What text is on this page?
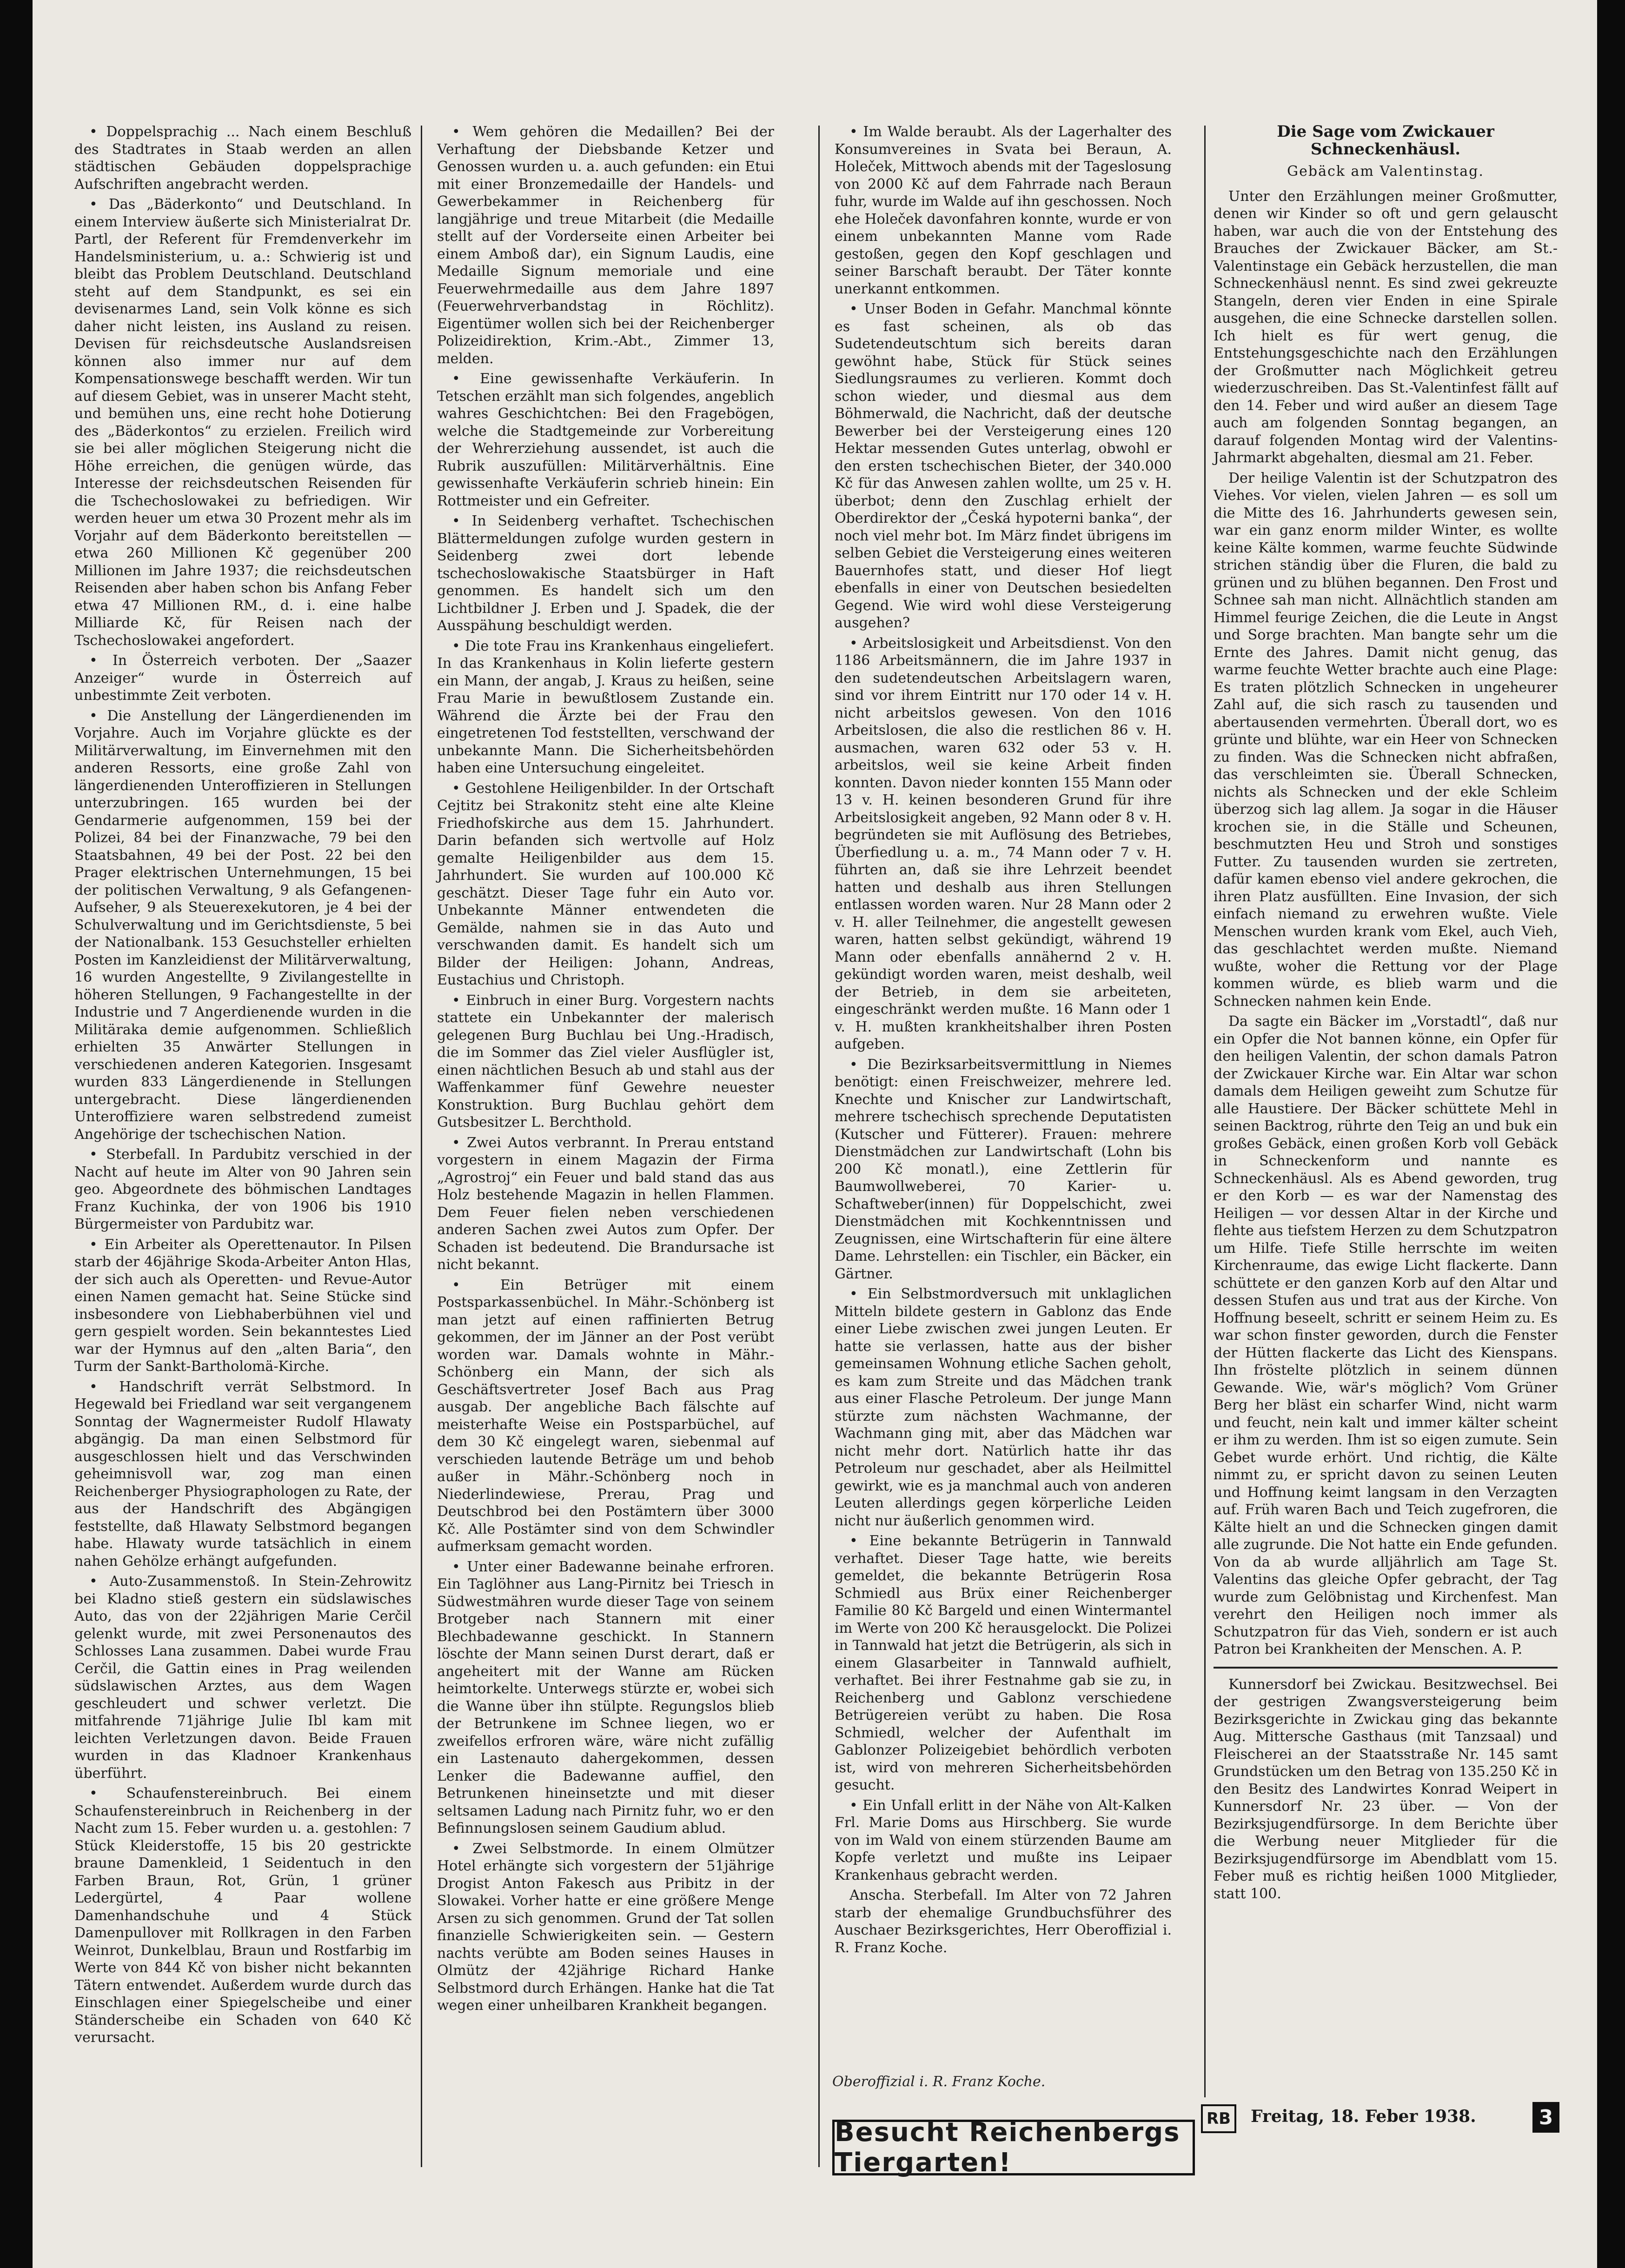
• Doppelsprachig ... Nach einem Beschluß des Stadtrates in Staab werden an allen städtischen Gebäuden doppelsprachige Aufschriften angebracht werden.

• Das „Bäderkonto“ und Deutschland. In einem Interview äußerte sich Ministerialrat Dr. Partl, der Referent für Fremdenverkehr im Handelsministerium, u. a.: Schwierig ist und bleibt das Problem Deutschland. Deutschland steht auf dem Standpunkt, es sei ein devisenarmes Land, sein Volk könne es sich daher nicht leisten, ins Ausland zu reisen. Devisen für reichsdeutsche Auslandsreisen können also immer nur auf dem Kompensationswege beschafft werden. Wir tun auf diesem Gebiet, was in unserer Macht steht, und bemühen uns, eine recht hohe Dotierung des „Bäderkontos“ zu erzielen. Freilich wird sie bei aller möglichen Steigerung nicht die Höhe erreichen, die genügen würde, das Interesse der reichsdeutschen Reisenden für die Tschechoslowakei zu befriedigen. Wir werden heuer um etwa 30 Prozent mehr als im Vorjahr auf dem Bäderkonto bereitstellen — etwa 260 Millionen Kč gegenüber 200 Millionen im Jahre 1937; die reichsdeutschen Reisenden aber haben schon bis Anfang Feber etwa 47 Millionen RM., d. i. eine halbe Milliarde Kč, für Reisen nach der Tschechoslowakei angefordert.

• In Österreich verboten. Der „Saazer Anzeiger“ wurde in Österreich auf unbestimmte Zeit verboten.

• Die Anstellung der Längerdienenden im Vorjahre. Auch im Vorjahre glückte es der Militärverwaltung, im Einvernehmen mit den anderen Ressorts, eine große Zahl von längerdienenden Unteroffizieren in Stellungen unterzubringen. 165 wurden bei der Gendarmerie aufgenommen, 159 bei der Polizei, 84 bei der Finanzwache, 79 bei den Staatsbahnen, 49 bei der Post. 22 bei den Prager elektrischen Unternehmungen, 15 bei der politischen Verwaltung, 9 als Gefangenen-Aufseher, 9 als Steuerexekutoren, je 4 bei der Schulverwaltung und im Gerichtsdienste, 5 bei der Nationalbank. 153 Gesuchsteller erhielten Posten im Kanzleidienst der Militärverwaltung, 16 wurden Angestellte, 9 Zivilangestellte in höheren Stellungen, 9 Fachangestellte in der Industrie und 7 Angerdienende wurden in die Militäraka demie aufgenommen. Schließlich erhielten 35 Anwärter Stellungen in verschiedenen anderen Kategorien. Insgesamt wurden 833 Längerdienende in Stellungen untergebracht. Diese längerdienenden Unteroffiziere waren selbstredend zumeist Angehörige der tschechischen Nation.

• Sterbefall. In Pardubitz verschied in der Nacht auf heute im Alter von 90 Jahren sein geo. Abgeordnete des böhmischen Landtages Franz Kuchinka, der von 1906 bis 1910 Bürgermeister von Pardubitz war.

• Ein Arbeiter als Operettenautor. In Pilsen starb der 46jährige Skoda-Arbeiter Anton Hlas, der sich auch als Operetten- und Revue-Autor einen Namen gemacht hat. Seine Stücke sind insbesondere von Liebhaberbühnen viel und gern gespielt worden. Sein bekanntestes Lied war der Hymnus auf den „alten Baria“, den Turm der Sankt-Bartholomä-Kirche.

• Handschrift verrät Selbstmord. In Hegewald bei Friedland war seit vergangenem Sonntag der Wagnermeister Rudolf Hlawaty abgängig. Da man einen Selbstmord für ausgeschlossen hielt und das Verschwinden geheimnisvoll war, zog man einen Reichenberger Physiographologen zu Rate, der aus der Handschrift des Abgängigen feststellte, daß Hlawaty Selbstmord begangen habe. Hlawaty wurde tatsächlich in einem nahen Gehölze erhängt aufgefunden.

• Auto-Zusammenstoß. In Stein-Zehrowitz bei Kladno stieß gestern ein südslawisches Auto, das von der 22jährigen Marie Cerčil gelenkt wurde, mit zwei Personenautos des Schlosses Lana zusammen. Dabei wurde Frau Cerčil, die Gattin eines in Prag weilenden südslawischen Arztes, aus dem Wagen geschleudert und schwer verletzt. Die mitfahrende 71jährige Julie Ibl kam mit leichten Verletzungen davon. Beide Frauen wurden in das Kladnoer Krankenhaus überführt.

• Schaufenstereinbruch. Bei einem Schaufenstereinbruch in Reichenberg in der Nacht zum 15. Feber wurden u. a. gestohlen: 7 Stück Kleiderstoffe, 15 bis 20 gestrickte braune Damenkleid, 1 Seidentuch in den Farben Braun, Rot, Grün, 1 grüner Ledergürtel, 4 Paar wollene Damenhandschuhe und 4 Stück Damenpullover mit Rollkragen in den Farben Weinrot, Dunkelblau, Braun und Rostfarbig im Werte von 844 Kč von bisher nicht bekannten Tätern entwendet. Außerdem wurde durch das Einschlagen einer Spiegelscheibe und einer Ständerscheibe ein Schaden von 640 Kč verursacht.

• Wem gehören die Medaillen? Bei der Verhaftung der Diebsbande Ketzer und Genossen wurden u. a. auch gefunden: ein Etui mit einer Bronzemedaille der Handels- und Gewerbekammer in Reichenberg für langjährige und treue Mitarbeit (die Medaille stellt auf der Vorderseite einen Arbeiter bei einem Amboß dar), ein Signum Laudis, eine Medaille Signum memoriale und eine Feuerwehrmedaille aus dem Jahre 1897 (Feuerwehrverbandstag in Röchlitz). Eigentümer wollen sich bei der Reichenberger Polizeidirektion, Krim.-Abt., Zimmer 13, melden.

• Eine gewissenhafte Verkäuferin. In Tetschen erzählt man sich folgendes, angeblich wahres Geschichtchen: Bei den Fragebögen, welche die Stadtgemeinde zur Vorbereitung der Wehrerziehung aussendet, ist auch die Rubrik auszufüllen: Militärverhältnis. Eine gewissenhafte Verkäuferin schrieb hinein: Ein Rottmeister und ein Gefreiter.

• In Seidenberg verhaftet. Tschechischen Blättermeldungen zufolge wurden gestern in Seidenberg zwei dort lebende tschechoslowakische Staatsbürger in Haft genommen. Es handelt sich um den Lichtbildner J. Erben und J. Spadek, die der Ausspähung beschuldigt werden.

• Die tote Frau ins Krankenhaus eingeliefert. In das Krankenhaus in Kolin lieferte gestern ein Mann, der angab, J. Kraus zu heißen, seine Frau Marie in bewußtlosem Zustande ein. Während die Ärzte bei der Frau den eingetretenen Tod feststellten, verschwand der unbekannte Mann. Die Sicherheitsbehörden haben eine Untersuchung eingeleitet.

• Gestohlene Heiligenbilder. In der Ortschaft Cejtitz bei Strakonitz steht eine alte Kleine Friedhofskirche aus dem 15. Jahrhundert. Darin befanden sich wertvolle auf Holz gemalte Heiligenbilder aus dem 15. Jahrhundert. Sie wurden auf 100.000 Kč geschätzt. Dieser Tage fuhr ein Auto vor. Unbekannte Männer entwendeten die Gemälde, nahmen sie in das Auto und verschwanden damit. Es handelt sich um Bilder der Heiligen: Johann, Andreas, Eustachius und Christoph.

• Einbruch in einer Burg. Vorgestern nachts stattete ein Unbekannter der malerisch gelegenen Burg Buchlau bei Ung.-Hradisch, die im Sommer das Ziel vieler Ausflügler ist, einen nächtlichen Besuch ab und stahl aus der Waffenkammer fünf Gewehre neuester Konstruktion. Burg Buchlau gehört dem Gutsbesitzer L. Berchthold.

• Zwei Autos verbrannt. In Prerau entstand vorgestern in einem Magazin der Firma „Agrostroj“ ein Feuer und bald stand das aus Holz bestehende Magazin in hellen Flammen. Dem Feuer fielen neben verschiedenen anderen Sachen zwei Autos zum Opfer. Der Schaden ist bedeutend. Die Brandursache ist nicht bekannt.

• Ein Betrüger mit einem Postsparkassenbüchel. In Mähr.-Schönberg ist man jetzt auf einen raffinierten Betrug gekommen, der im Jänner an der Post verübt worden war. Damals wohnte in Mähr.-Schönberg ein Mann, der sich als Geschäftsvertreter Josef Bach aus Prag ausgab. Der angebliche Bach fälschte auf meisterhafte Weise ein Postsparbüchel, auf dem 30 Kč eingelegt waren, siebenmal auf verschieden lautende Beträge um und behob außer in Mähr.-Schönberg noch in Niederlindewiese, Prerau, Prag und Deutschbrod bei den Postämtern über 3000 Kč. Alle Postämter sind von dem Schwindler aufmerksam gemacht worden.

• Unter einer Badewanne beinahe erfroren. Ein Taglöhner aus Lang-Pirnitz bei Triesch in Südwestmähren wurde dieser Tage von seinem Brotgeber nach Stannern mit einer Blechbadewanne geschickt. In Stannern löschte der Mann seinen Durst derart, daß er angeheitert mit der Wanne am Rücken heimtorkelte. Unterwegs stürzte er, wobei sich die Wanne über ihn stülpte. Regungslos blieb der Betrunkene im Schnee liegen, wo er zweifellos erfroren wäre, wäre nicht zufällig ein Lastenauto dahergekommen, dessen Lenker die Badewanne auffiel, den Betrunkenen hineinsetzte und mit dieser seltsamen Ladung nach Pirnitz fuhr, wo er den Befinnungslosen seinem Gaudium ablud.

• Zwei Selbstmorde. In einem Olmützer Hotel erhängte sich vorgestern der 51jährige Drogist Anton Fakesch aus Pribitz in der Slowakei. Vorher hatte er eine größere Menge Arsen zu sich genommen. Grund der Tat sollen finanzielle Schwierigkeiten sein. — Gestern nachts verübte am Boden seines Hauses in Olmütz der 42jährige Richard Hanke Selbstmord durch Erhängen. Hanke hat die Tat wegen einer unheilbaren Krankheit begangen.

• Im Walde beraubt. Als der Lagerhalter des Konsumvereines in Svata bei Beraun, A. Holeček, Mittwoch abends mit der Tageslosung von 2000 Kč auf dem Fahrrade nach Beraun fuhr, wurde im Walde auf ihn geschossen. Noch ehe Holeček davonfahren konnte, wurde er von einem unbekannten Manne vom Rade gestoßen, gegen den Kopf geschlagen und seiner Barschaft beraubt. Der Täter konnte unerkannt entkommen.

• Unser Boden in Gefahr. Manchmal könnte es fast scheinen, als ob das Sudetendeutschtum sich bereits daran gewöhnt habe, Stück für Stück seines Siedlungsraumes zu verlieren. Kommt doch schon wieder, und diesmal aus dem Böhmerwald, die Nachricht, daß der deutsche Bewerber bei der Versteigerung eines 120 Hektar messenden Gutes unterlag, obwohl er den ersten tschechischen Bieter, der 340.000 Kč für das Anwesen zahlen wollte, um 25 v. H. überbot; denn den Zuschlag erhielt der Oberdirektor der „Česká hypoterni banka“, der noch viel mehr bot. Im März findet übrigens im selben Gebiet die Versteigerung eines weiteren Bauernhofes statt, und dieser Hof liegt ebenfalls in einer von Deutschen besiedelten Gegend. Wie wird wohl diese Versteigerung ausgehen?

• Arbeitslosigkeit und Arbeitsdienst. Von den 1186 Arbeitsmännern, die im Jahre 1937 in den sudetendeutschen Arbeitslagern waren, sind vor ihrem Eintritt nur 170 oder 14 v. H. nicht arbeitslos gewesen. Von den 1016 Arbeitslosen, die also die restlichen 86 v. H. ausmachen, waren 632 oder 53 v. H. arbeitslos, weil sie keine Arbeit finden konnten. Davon nieder konnten 155 Mann oder 13 v. H. keinen besonderen Grund für ihre Arbeitslosigkeit angeben, 92 Mann oder 8 v. H. begründeten sie mit Auflösung des Betriebes, Überfiedlung u. a. m., 74 Mann oder 7 v. H. führten an, daß sie ihre Lehrzeit beendet hatten und deshalb aus ihren Stellungen entlassen worden waren. Nur 28 Mann oder 2 v. H. aller Teilnehmer, die angestellt gewesen waren, hatten selbst gekündigt, während 19 Mann oder ebenfalls annähernd 2 v. H. gekündigt worden waren, meist deshalb, weil der Betrieb, in dem sie arbeiteten, eingeschränkt werden mußte. 16 Mann oder 1 v. H. mußten krankheitshalber ihren Posten aufgeben.

• Die Bezirksarbeitsvermittlung in Niemes benötigt: einen Freischweizer, mehrere led. Knechte und Knischer zur Landwirtschaft, mehrere tschechisch sprechende Deputatisten (Kutscher und Fütterer). Frauen: mehrere Dienstmädchen zur Landwirtschaft (Lohn bis 200 Kč monatl.), eine Zettlerin für Baumwollweberei, 70 Karier- u. Schaftweber(innen) für Doppelschicht, zwei Dienstmädchen mit Kochkenntnissen und Zeugnissen, eine Wirtschafterin für eine ältere Dame. Lehrstellen: ein Tischler, ein Bäcker, ein Gärtner.

• Ein Selbstmordversuch mit unklaglichen Mitteln bildete gestern in Gablonz das Ende einer Liebe zwischen zwei jungen Leuten. Er hatte sie verlassen, hatte aus der bisher gemeinsamen Wohnung etliche Sachen geholt, es kam zum Streite und das Mädchen trank aus einer Flasche Petroleum. Der junge Mann stürzte zum nächsten Wachmanne, der Wachmann ging mit, aber das Mädchen war nicht mehr dort. Natürlich hatte ihr das Petroleum nur geschadet, aber als Heilmittel gewirkt, wie es ja manchmal auch von anderen Leuten allerdings gegen körperliche Leiden nicht nur äußerlich genommen wird.

• Eine bekannte Betrügerin in Tannwald verhaftet. Dieser Tage hatte, wie bereits gemeldet, die bekannte Betrügerin Rosa Schmiedl aus Brüx einer Reichenberger Familie 80 Kč Bargeld und einen Wintermantel im Werte von 200 Kč herausgelockt. Die Polizei in Tannwald hat jetzt die Betrügerin, als sich in einem Glasarbeiter in Tannwald aufhielt, verhaftet. Bei ihrer Festnahme gab sie zu, in Reichenberg und Gablonz verschiedene Betrügereien verübt zu haben. Die Rosa Schmiedl, welcher der Aufenthalt im Gablonzer Polizeigebiet behördlich verboten ist, wird von mehreren Sicherheitsbehörden gesucht.

• Ein Unfall erlitt in der Nähe von Alt-Kalken Frl. Marie Doms aus Hirschberg. Sie wurde von im Wald von einem stürzenden Baume am Kopfe verletzt und mußte ins Leipaer Krankenhaus gebracht werden.

Anscha. Sterbefall. Im Alter von 72 Jahren starb der ehemalige Grundbuchsführer des Auschaer Bezirksgerichtes, Herr Oberoffizial i. R. Franz Koche.

Oberoffizial i. R. Franz Koche.
Besucht Reichenbergs Tiergarten!
Die Sage vom Zwickauer Schneckenhäusl.
Gebäck am Valentinstag.

Unter den Erzählungen meiner Großmutter, denen wir Kinder so oft und gern gelauscht haben, war auch die von der Entstehung des Brauches der Zwickauer Bäcker, am St.-Valentinstage ein Gebäck herzustellen, die man Schneckenhäusl nennt. Es sind zwei gekreuzte Stangeln, deren vier Enden in eine Spirale ausgehen, die eine Schnecke darstellen sollen. Ich hielt es für wert genug, die Entstehungsgeschichte nach den Erzählungen der Großmutter nach Möglichkeit getreu wiederzuschreiben. Das St.-Valentinfest fällt auf den 14. Feber und wird außer an diesem Tage auch am folgenden Sonntag begangen, an darauf folgenden Montag wird der Valentins-Jahrmarkt abgehalten, diesmal am 21. Feber.

Der heilige Valentin ist der Schutzpatron des Viehes. Vor vielen, vielen Jahren — es soll um die Mitte des 16. Jahrhunderts gewesen sein, war ein ganz enorm milder Winter, es wollte keine Kälte kommen, warme feuchte Südwinde strichen ständig über die Fluren, die bald zu grünen und zu blühen begannen. Den Frost und Schnee sah man nicht. Allnächtlich standen am Himmel feurige Zeichen, die die Leute in Angst und Sorge brachten. Man bangte sehr um die Ernte des Jahres. Damit nicht genug, das warme feuchte Wetter brachte auch eine Plage: Es traten plötzlich Schnecken in ungeheurer Zahl auf, die sich rasch zu tausenden und abertausenden vermehrten. Überall dort, wo es grünte und blühte, war ein Heer von Schnecken zu finden. Was die Schnecken nicht abfraßen, das verschleimten sie. Überall Schnecken, nichts als Schnecken und der ekle Schleim überzog sich lag allem. Ja sogar in die Häuser krochen sie, in die Ställe und Scheunen, beschmutzten Heu und Stroh und sonstiges Futter. Zu tausenden wurden sie zertreten, dafür kamen ebenso viel andere gekrochen, die ihren Platz ausfüllten. Eine Invasion, der sich einfach niemand zu erwehren wußte. Viele Menschen wurden krank vom Ekel, auch Vieh, das geschlachtet werden mußte. Niemand wußte, woher die Rettung vor der Plage kommen würde, es blieb warm und die Schnecken nahmen kein Ende.

Da sagte ein Bäcker im „Vorstadtl“, daß nur ein Opfer die Not bannen könne, ein Opfer für den heiligen Valentin, der schon damals Patron der Zwickauer Kirche war. Ein Altar war schon damals dem Heiligen geweiht zum Schutze für alle Haustiere. Der Bäcker schüttete Mehl in seinen Backtrog, rührte den Teig an und buk ein großes Gebäck, einen großen Korb voll Gebäck in Schneckenform und nannte es Schneckenhäusl. Als es Abend geworden, trug er den Korb — es war der Namenstag des Heiligen — vor dessen Altar in der Kirche und flehte aus tiefstem Herzen zu dem Schutzpatron um Hilfe. Tiefe Stille herrschte im weiten Kirchenraume, das ewige Licht flackerte. Dann schüttete er den ganzen Korb auf den Altar und dessen Stufen aus und trat aus der Kirche. Von Hoffnung beseelt, schritt er seinem Heim zu. Es war schon finster geworden, durch die Fenster der Hütten flackerte das Licht des Kienspans. Ihn fröstelte plötzlich in seinem dünnen Gewande. Wie, wär's möglich? Vom Grüner Berg her bläst ein scharfer Wind, nicht warm und feucht, nein kalt und immer kälter scheint er ihm zu werden. Ihm ist so eigen zumute. Sein Gebet wurde erhört. Und richtig, die Kälte nimmt zu, er spricht davon zu seinen Leuten und Hoffnung keimt langsam in den Verzagten auf. Früh waren Bach und Teich zugefroren, die Kälte hielt an und die Schnecken gingen damit alle zugrunde. Die Not hatte ein Ende gefunden. Von da ab wurde alljährlich am Tage St. Valentins das gleiche Opfer gebracht, der Tag wurde zum Gelöbnistag und Kirchenfest. Man verehrt den Heiligen noch immer als Schutzpatron für das Vieh, sondern er ist auch Patron bei Krankheiten der Menschen. A. P.

Kunnersdorf bei Zwickau. Besitzwechsel. Bei der gestrigen Zwangsversteigerung beim Bezirksgerichte in Zwickau ging das bekannte Aug. Mittersche Gasthaus (mit Tanzsaal) und Fleischerei an der Staatsstraße Nr. 145 samt Grundstücken um den Betrag von 135.250 Kč in den Besitz des Landwirtes Konrad Weipert in Kunnersdorf Nr. 23 über. — Von der Bezirksjugendfürsorge. In dem Berichte über die Werbung neuer Mitglieder für die Bezirksjugendfürsorge im Abendblatt vom 15. Feber muß es richtig heißen 1000 Mitglieder, statt 100.

RB	Freitag, 18. Feber 1938.	3
